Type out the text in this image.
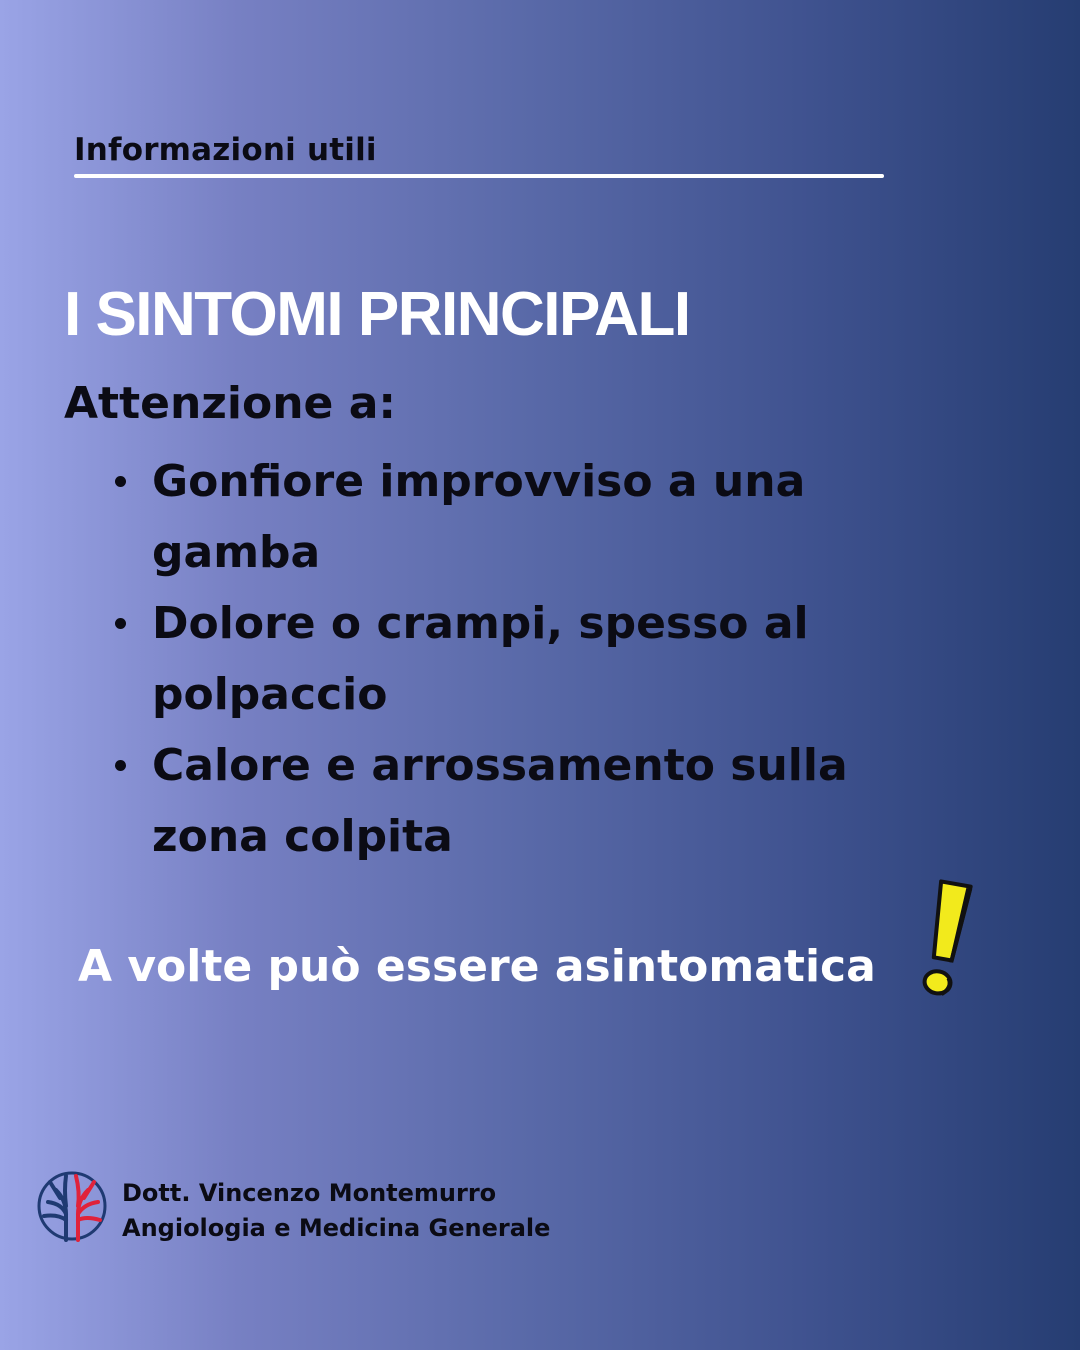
Informazioni utili
I SINTOMI PRINCIPALI
Attenzione a:
Gonfiore improvviso a una gamba
Dolore o crampi, spesso al polpaccio
Calore e arrossamento sulla zona colpita
A volte può essere asintomatica
Dott. Vincenzo Montemurro
Angiologia e Medicina Generale
